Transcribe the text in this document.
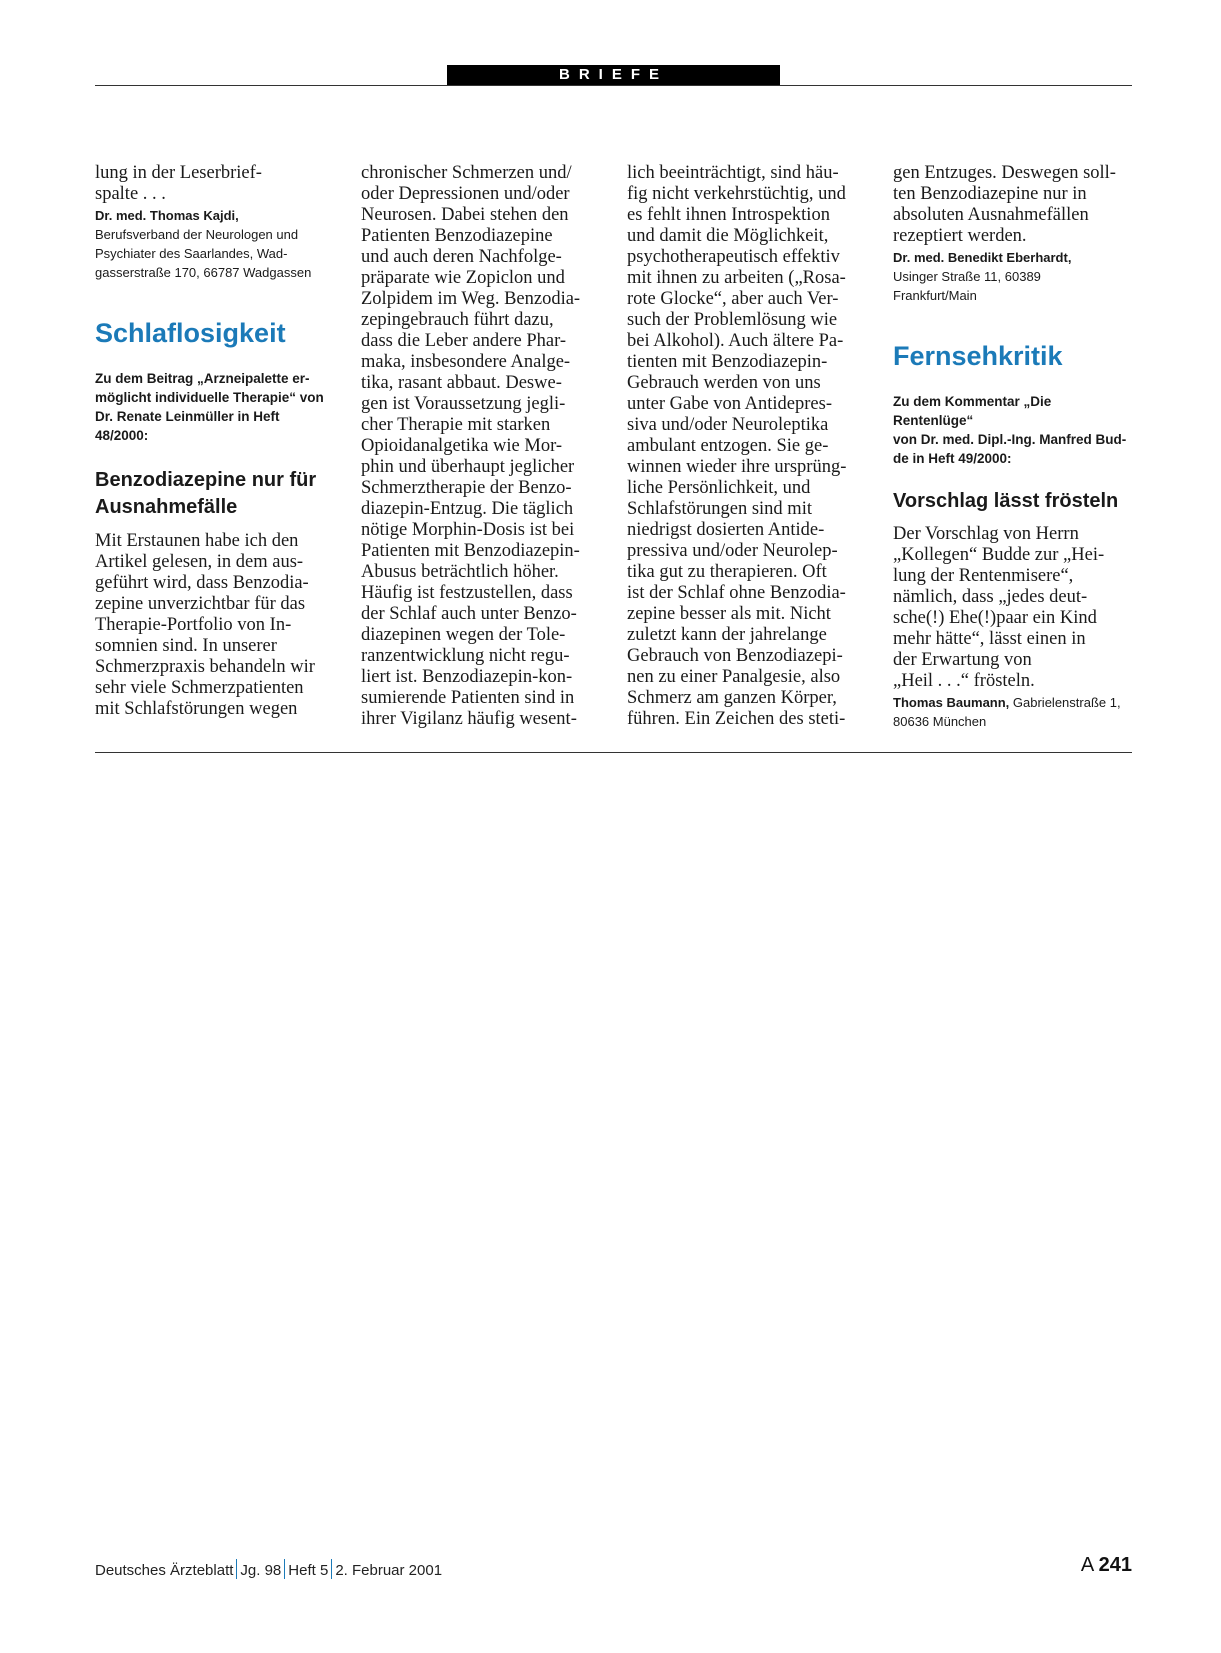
BRIEFE

lung in der Leserbrief-
spalte . . .

Dr. med. Thomas Kajdi,
Berufsverband der Neurologen und
Psychiater des Saarlandes, Wad-
gasserstraße 170, 66787 Wadgassen

Schlaflosigkeit

Zu dem Beitrag „Arzneipalette er-
möglicht individuelle Therapie“ von
Dr. Renate Leinmüller in Heft
48/2000:

Benzodiazepine nur für
Ausnahmefälle

Mit Erstaunen habe ich den
Artikel gelesen, in dem aus-
geführt wird, dass Benzodia-
zepine unverzichtbar für das
Therapie-Portfolio von In-
somnien sind. In unserer
Schmerzpraxis behandeln wir
sehr viele Schmerzpatienten
mit Schlafstörungen wegen

chronischer Schmerzen und/
oder Depressionen und/oder
Neurosen. Dabei stehen den
Patienten Benzodiazepine
und auch deren Nachfolge-
präparate wie Zopiclon und
Zolpidem im Weg. Benzodia-
zepingebrauch führt dazu,
dass die Leber andere Phar-
maka, insbesondere Analge-
tika, rasant abbaut. Deswe-
gen ist Voraussetzung jegli-
cher Therapie mit starken
Opioidanalgetika wie Mor-
phin und überhaupt jeglicher
Schmerztherapie der Benzo-
diazepin-Entzug. Die täglich
nötige Morphin-Dosis ist bei
Patienten mit Benzodiazepin-
Abusus beträchtlich höher.
Häufig ist festzustellen, dass
der Schlaf auch unter Benzo-
diazepinen wegen der Tole-
ranzentwicklung nicht regu-
liert ist. Benzodiazepin-kon-
sumierende Patienten sind in
ihrer Vigilanz häufig wesent-

lich beeinträchtigt, sind häu-
fig nicht verkehrstüchtig, und
es fehlt ihnen Introspektion
und damit die Möglichkeit,
psychotherapeutisch effektiv
mit ihnen zu arbeiten („Rosa-
rote Glocke“, aber auch Ver-
such der Problemlösung wie
bei Alkohol). Auch ältere Pa-
tienten mit Benzodiazepin-
Gebrauch werden von uns
unter Gabe von Antidepres-
siva und/oder Neuroleptika
ambulant entzogen. Sie ge-
winnen wieder ihre ursprüng-
liche Persönlichkeit, und
Schlafstörungen sind mit
niedrigst dosierten Antide-
pressiva und/oder Neurolep-
tika gut zu therapieren. Oft
ist der Schlaf ohne Benzodia-
zepine besser als mit. Nicht
zuletzt kann der jahrelange
Gebrauch von Benzodiazepi-
nen zu einer Panalgesie, also
Schmerz am ganzen Körper,
führen. Ein Zeichen des steti-

gen Entzuges. Deswegen soll-
ten Benzodiazepine nur in
absoluten Ausnahmefällen
rezeptiert werden.

Dr. med. Benedikt Eberhardt,
Usinger Straße 11, 60389
Frankfurt/Main

Fernsehkritik

Zu dem Kommentar „Die Rentenlüge“
von Dr. med. Dipl.-Ing. Manfred Bud-
de in Heft 49/2000:

Vorschlag lässt frösteln

Der Vorschlag von Herrn
„Kollegen“ Budde zur „Hei-
lung der Rentenmisere“,
nämlich, dass „jedes deut-
sche(!) Ehe(!)paar ein Kind
mehr hätte“, lässt einen in
der Erwartung von
„Heil . . .“ frösteln.

Thomas Baumann, Gabrielenstraße 1,
80636 München

Deutsches Ärzteblatt Jg. 98 Heft 5 2. Februar 2001	A 241
